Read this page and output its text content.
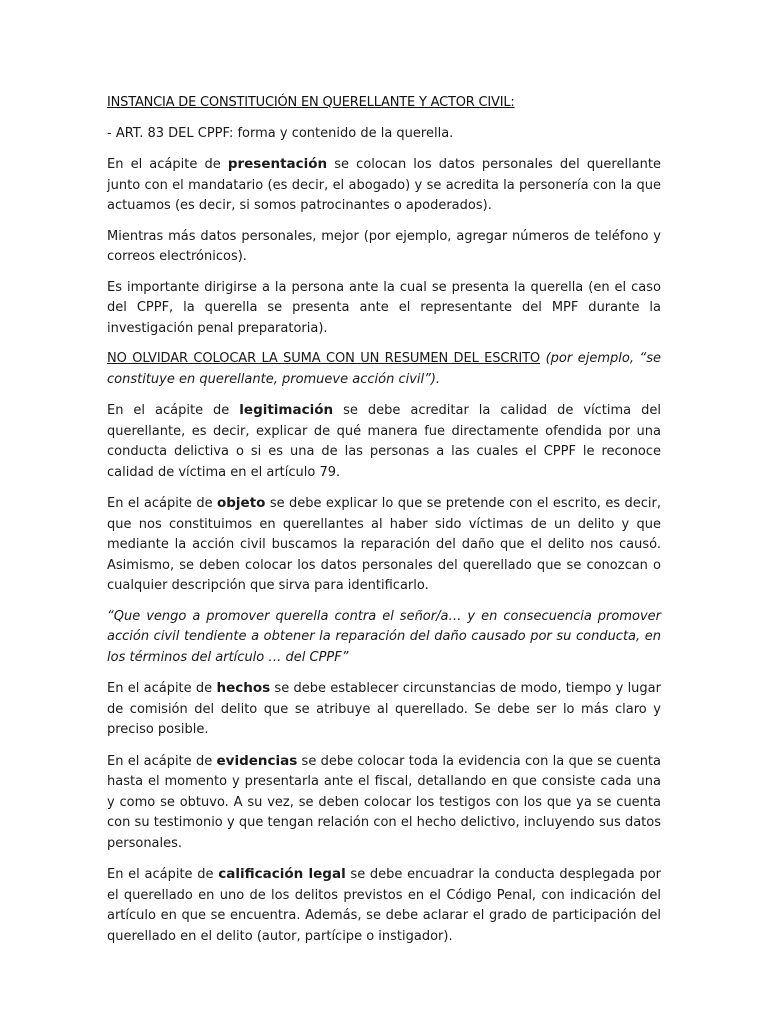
INSTANCIA DE CONSTITUCIÓN EN QUERELLANTE Y ACTOR CIVIL:

- ART. 83 DEL CPPF: forma y contenido de la querella.

En el acápite de presentación se colocan los datos personales del querellante junto con el mandatario (es decir, el abogado) y se acredita la personería con la que actuamos (es decir, si somos patrocinantes o apoderados).

Mientras más datos personales, mejor (por ejemplo, agregar números de teléfono y correos electrónicos).

Es importante dirigirse a la persona ante la cual se presenta la querella (en el caso del CPPF, la querella se presenta ante el representante del MPF durante la investigación penal preparatoria).

NO OLVIDAR COLOCAR LA SUMA CON UN RESUMEN DEL ESCRITO (por ejemplo, “se constituye en querellante, promueve acción civil”).

En el acápite de legitimación se debe acreditar la calidad de víctima del querellante, es decir, explicar de qué manera fue directamente ofendida por una conducta delictiva o si es una de las personas a las cuales el CPPF le reconoce calidad de víctima en el artículo 79.

En el acápite de objeto se debe explicar lo que se pretende con el escrito, es decir, que nos constituimos en querellantes al haber sido víctimas de un delito y que mediante la acción civil buscamos la reparación del daño que el delito nos causó. Asimismo, se deben colocar los datos personales del querellado que se conozcan o cualquier descripción que sirva para identificarlo.

“Que vengo a promover querella contra el señor/a… y en consecuencia promover acción civil tendiente a obtener la reparación del daño causado por su conducta, en los términos del artículo … del CPPF”

En el acápite de hechos se debe establecer circunstancias de modo, tiempo y lugar de comisión del delito que se atribuye al querellado. Se debe ser lo más claro y preciso posible.

En el acápite de evidencias se debe colocar toda la evidencia con la que se cuenta hasta el momento y presentarla ante el fiscal, detallando en que consiste cada una y como se obtuvo. A su vez, se deben colocar los testigos con los que ya se cuenta con su testimonio y que tengan relación con el hecho delictivo, incluyendo sus datos personales.

En el acápite de calificación legal se debe encuadrar la conducta desplegada por el querellado en uno de los delitos previstos en el Código Penal, con indicación del artículo en que se encuentra. Además, se debe aclarar el grado de participación del querellado en el delito (autor, partícipe o instigador).
